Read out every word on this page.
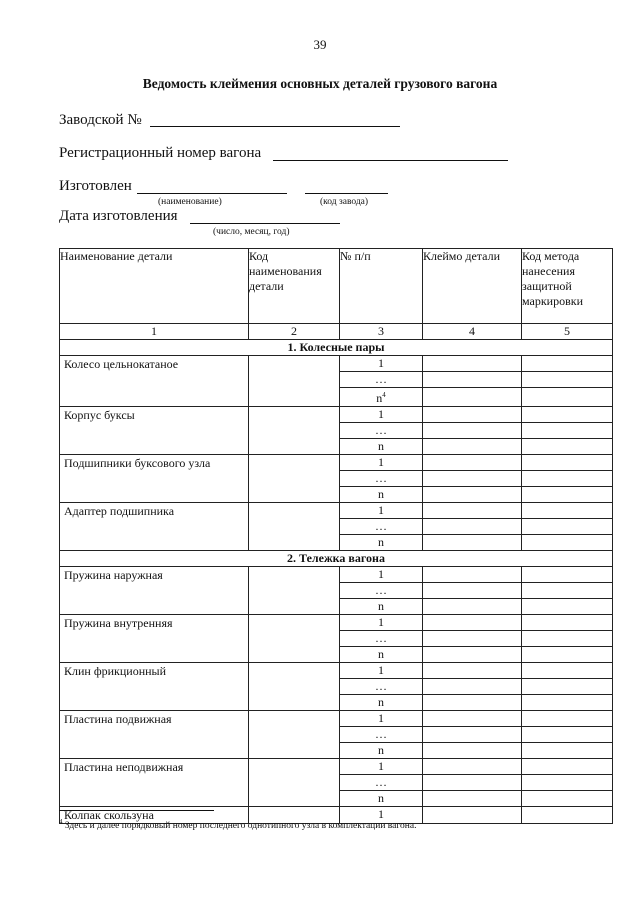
39
Ведомость клеймения основных деталей грузового вагона
Заводской №
Регистрационный номер вагона
Изготовлен
(наименование)	(код завода)
Дата изготовления
(число, месяц, год)
Наименование детали	Код наименования детали	№ п/п	Клеймо детали	Код метода нанесения защитной маркировки
1	2	3	4	5
1. Колесные пары				
Колесо цельнокатаное		1		
		…		
		$n^4$		
Корпус буксы		1		
		…		
		n		
Подшипники буксового узла		1		
		…		
		n		
Адаптер подшипника		1		
		…		
		n		
2. Тележка вагона				
Пружина наружная		1		
		…		
		n		
Пружина внутренняя		1		
		…		
		n		
Клин фрикционный		1		
		…		
		n		
Пластина подвижная		1		
		…		
		n		
Пластина неподвижная		1		
		…		
		n		
Колпак скользуна		1		
$^4$ Здесь и далее порядковый номер последнего однотипного узла в комплектации вагона.
